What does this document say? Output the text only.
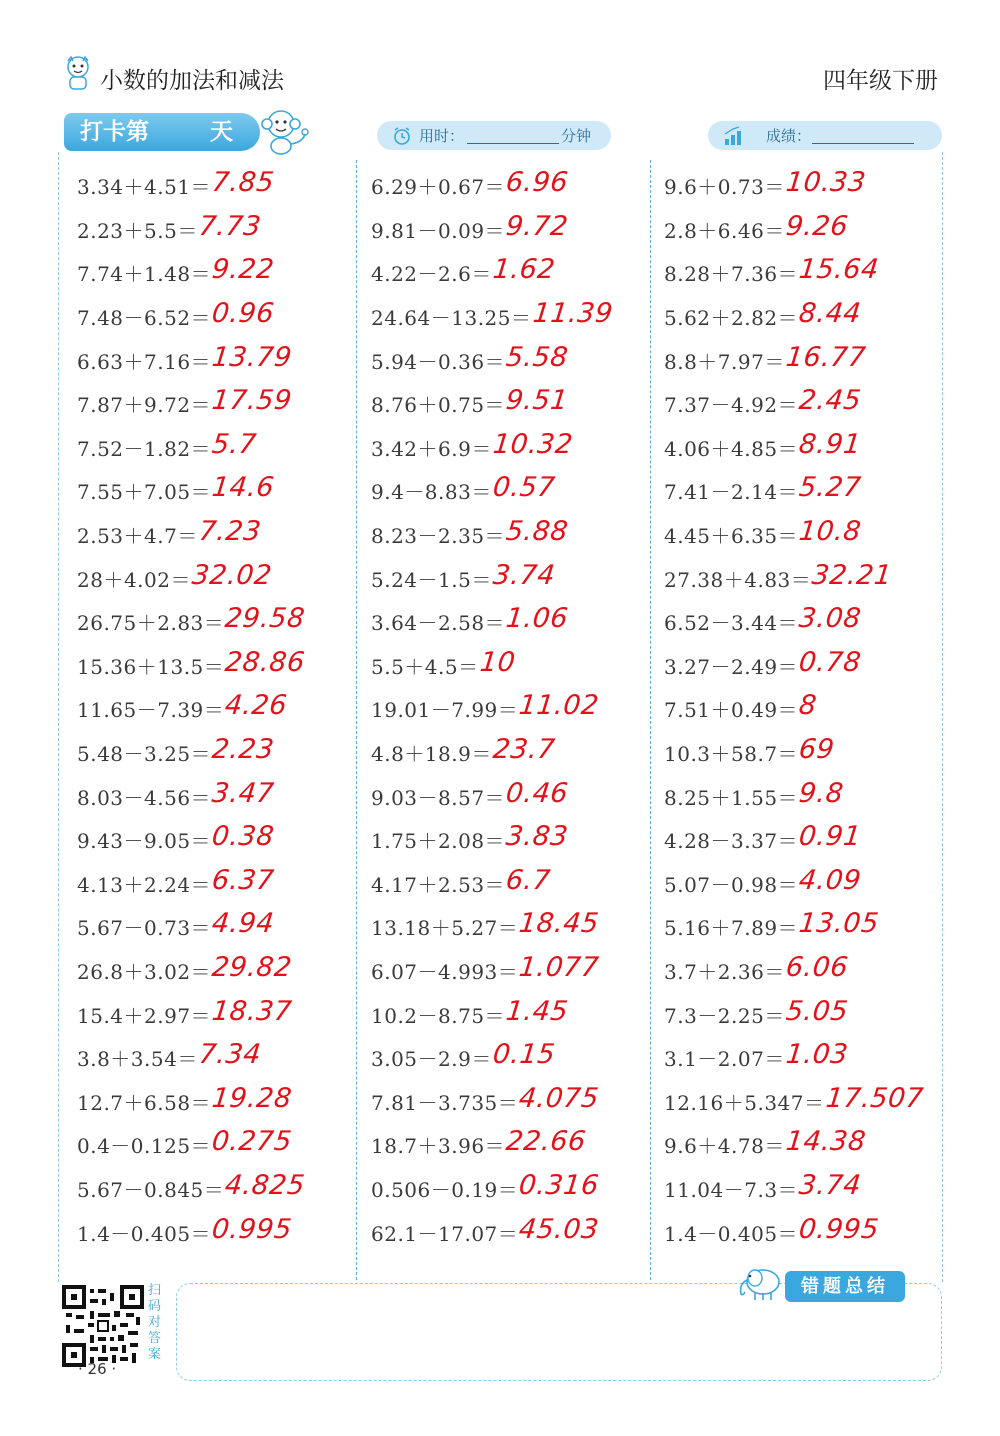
小数的加法和减法	四年级下册
打卡第	天	用时：	分钟	成绩：
3.34＋4.51＝ 7.85
2.23＋5.5＝ 7.73
7.74＋1.48＝ 9.22
7.48－6.52＝ 0.96
6.63＋7.16＝ 13.79
7.87＋9.72＝ 17.59
7.52－1.82＝ 5.7
7.55＋7.05＝ 14.6
2.53＋4.7＝ 7.23
28＋4.02＝ 32.02
26.75＋2.83＝ 29.58
15.36＋13.5＝ 28.86
11.65－7.39＝ 4.26
5.48－3.25＝ 2.23
8.03－4.56＝ 3.47
9.43－9.05＝ 0.38
4.13＋2.24＝ 6.37
5.67－0.73＝ 4.94
26.8＋3.02＝ 29.82
15.4＋2.97＝ 18.37
3.8＋3.54＝ 7.34
12.7＋6.58＝ 19.28
0.4－0.125＝ 0.275
5.67－0.845＝ 4.825
1.4－0.405＝ 0.995
6.29＋0.67＝ 6.96
9.81－0.09＝ 9.72
4.22－2.6＝ 1.62
24.64－13.25＝ 11.39
5.94－0.36＝ 5.58
8.76＋0.75＝ 9.51
3.42＋6.9＝ 10.32
9.4－8.83＝ 0.57
8.23－2.35＝ 5.88
5.24－1.5＝ 3.74
3.64－2.58＝ 1.06
5.5＋4.5＝ 10
19.01－7.99＝ 11.02
4.8＋18.9＝ 23.7
9.03－8.57＝ 0.46
1.75＋2.08＝ 3.83
4.17＋2.53＝ 6.7
13.18＋5.27＝ 18.45
6.07－4.993＝ 1.077
10.2－8.75＝ 1.45
3.05－2.9＝ 0.15
7.81－3.735＝ 4.075
18.7＋3.96＝ 22.66
0.506－0.19＝ 0.316
62.1－17.07＝ 45.03
9.6＋0.73＝ 10.33
2.8＋6.46＝ 9.26
8.28＋7.36＝ 15.64
5.62＋2.82＝ 8.44
8.8＋7.97＝ 16.77
7.37－4.92＝ 2.45
4.06＋4.85＝ 8.91
7.41－2.14＝ 5.27
4.45＋6.35＝ 10.8
27.38＋4.83＝ 32.21
6.52－3.44＝ 3.08
3.27－2.49＝ 0.78
7.51＋0.49＝ 8
10.3＋58.7＝ 69
8.25＋1.55＝ 9.8
4.28－3.37＝ 0.91
5.07－0.98＝ 4.09
5.16＋7.89＝ 13.05
3.7＋2.36＝ 6.06
7.3－2.25＝ 5.05
3.1－2.07＝ 1.03
12.16＋5.347＝ 17.507
9.6＋4.78＝ 14.38
11.04－7.3＝ 3.74
1.4－0.405＝ 0.995
扫码对答案
· 26 ·
错题总结
